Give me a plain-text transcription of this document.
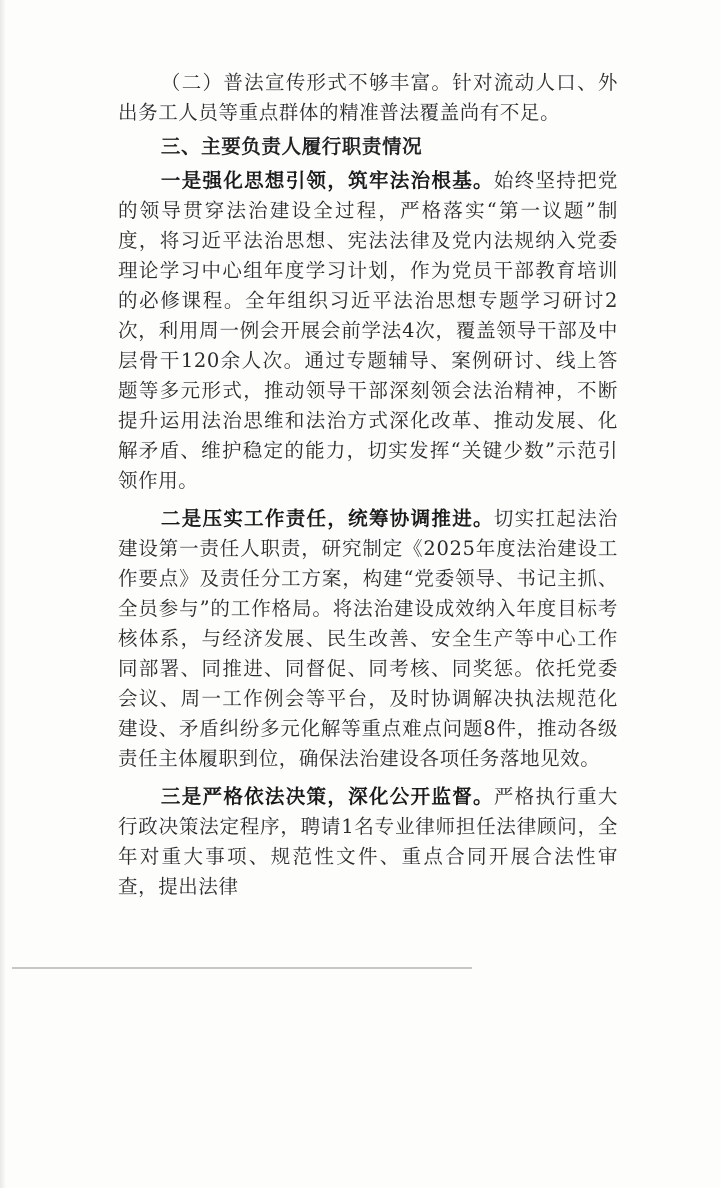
（二）普法宣传形式不够丰富。针对流动人口、外出务工人员等重点群体的精准普法覆盖尚有不足。

三、主要负责人履行职责情况

一是强化思想引领，筑牢法治根基。始终坚持把党的领导贯穿法治建设全过程，严格落实“第一议题”制度，将习近平法治思想、宪法法律及党内法规纳入党委理论学习中心组年度学习计划，作为党员干部教育培训的必修课程。全年组织习近平法治思想专题学习研讨2次，利用周一例会开展会前学法4次，覆盖领导干部及中层骨干120余人次。通过专题辅导、案例研讨、线上答题等多元形式，推动领导干部深刻领会法治精神，不断提升运用法治思维和法治方式深化改革、推动发展、化解矛盾、维护稳定的能力，切实发挥“关键少数”示范引领作用。

二是压实工作责任，统筹协调推进。切实扛起法治建设第一责任人职责，研究制定《2025年度法治建设工作要点》及责任分工方案，构建“党委领导、书记主抓、全员参与”的工作格局。将法治建设成效纳入年度目标考核体系，与经济发展、民生改善、安全生产等中心工作同部署、同推进、同督促、同考核、同奖惩。依托党委会议、周一工作例会等平台，及时协调解决执法规范化建设、矛盾纠纷多元化解等重点难点问题8件，推动各级责任主体履职到位，确保法治建设各项任务落地见效。

三是严格依法决策，深化公开监督。严格执行重大行政决策法定程序，聘请1名专业律师担任法律顾问，全年对重大事项、规范性文件、重点合同开展合法性审查，提出法律
